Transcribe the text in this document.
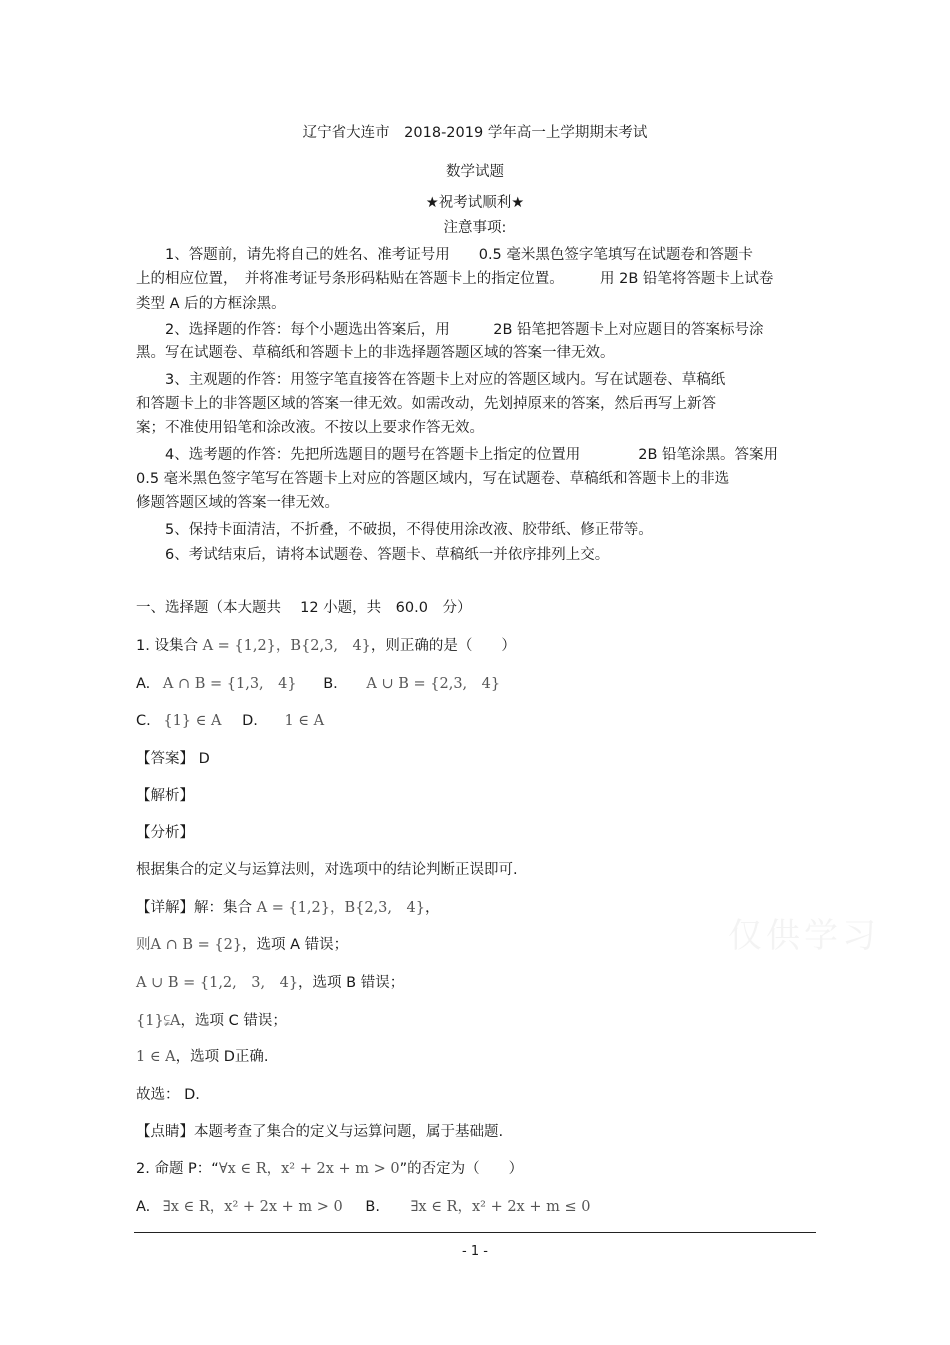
辽宁省大连市　2018-2019 学年高一上学期期末考试
数学试题
★祝考试顺利★
注意事项:
　　1、答题前，请先将自己的姓名、准考证号用　　0.5 毫米黑色签字笔填写在试题卷和答题卡
上的相应位置，　并将准考证号条形码粘贴在答题卡上的指定位置。　　　用 2B 铅笔将答题卡上试卷
类型 A 后的方框涂黑。
　　2、选择题的作答：每个小题选出答案后，用　　　2B 铅笔把答题卡上对应题目的答案标号涂
黑。写在试题卷、草稿纸和答题卡上的非选择题答题区域的答案一律无效。
　　3、主观题的作答：用签字笔直接答在答题卡上对应的答题区域内。写在试题卷、草稿纸
和答题卡上的非答题区域的答案一律无效。如需改动，先划掉原来的答案，然后再写上新答
案；不准使用铅笔和涂改液。不按以上要求作答无效。
　　4、选考题的作答：先把所选题目的题号在答题卡上指定的位置用　　　　2B 铅笔涂黑。答案用
0.5 毫米黑色签字笔写在答题卡上对应的答题区域内，写在试题卷、草稿纸和答题卡上的非选
修题答题区域的答案一律无效。
　　5、保持卡面清洁，不折叠，不破损，不得使用涂改液、胶带纸、修正带等。
　　6、考试结束后，请将本试题卷、答题卡、草稿纸一并依序排列上交。
一、选择题（本大题共　 12 小题，共　60.0　分）
1. 设集合 A = {1,2}，B{2,3,　4}，则正确的是（　　）
A. A ∩ B = {1,3,　4} B. A ∪ B = {2,3,　4}
C. {1} ∈ A D. 1 ∈ A
【答案】 D
【解析】
【分析】
根据集合的定义与运算法则，对选项中的结论判断正误即可.
【详解】解：集合 A = {1,2}，B{2,3,　4}，
则A ∩ B = {2}，选项 A 错误；
A ∪ B = {1,2,　3,　4}，选项 B 错误；
{1}⫋A，选项 C 错误；
1 ∈ A，选项 D正确.
故选： D.
【点睛】本题考查了集合的定义与运算问题，属于基础题.
2. 命题 P：“∀x ∈ R，x² + 2x + m > 0”的否定为（　　）
A. ∃x ∈ R，x² + 2x + m > 0 B. ∃x ∈ R，x² + 2x + m ≤ 0
仅供学习
- 1 -
